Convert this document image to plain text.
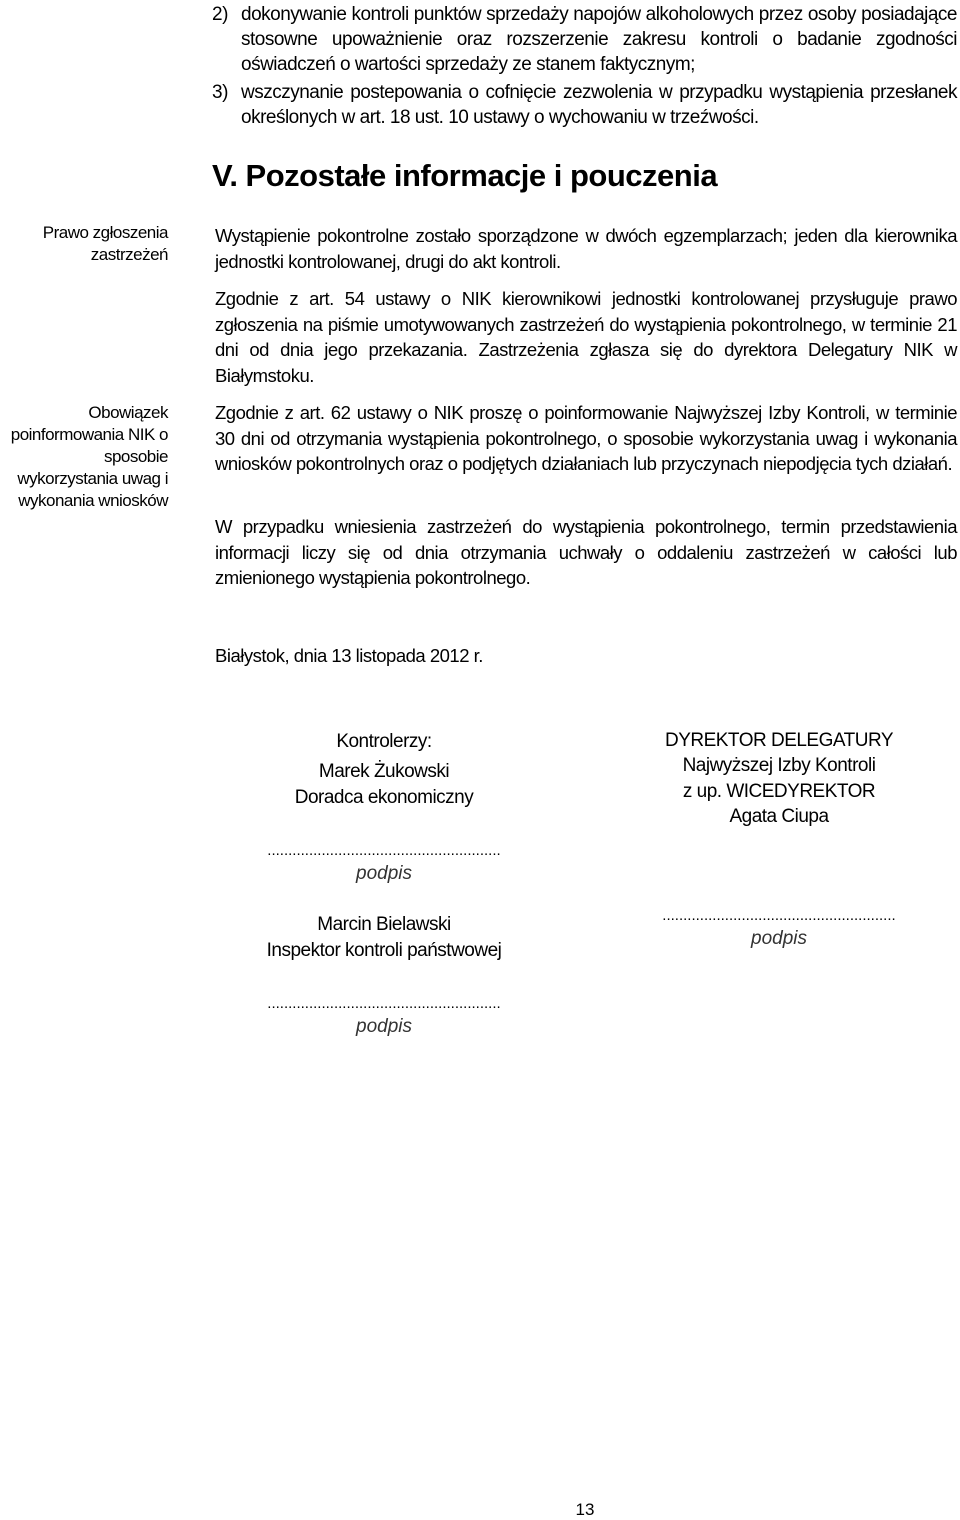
2) dokonywanie kontroli punktów sprzedaży napojów alkoholowych przez osoby posiadające stosowne upoważnienie oraz rozszerzenie zakresu kontroli o badanie zgodności oświadczeń o wartości sprzedaży ze stanem faktycznym;
3) wszczynanie postepowania o cofnięcie zezwolenia w przypadku wystąpienia przesłanek określonych w art. 18 ust. 10 ustawy o wychowaniu w trzeźwości.
V. Pozostałe informacje i pouczenia
Prawo zgłoszenia zastrzeżeń
Obowiązek poinformowania NIK o sposobie wykorzystania uwag i wykonania wniosków
Wystąpienie pokontrolne zostało sporządzone w dwóch egzemplarzach; jeden dla kierownika jednostki kontrolowanej, drugi do akt kontroli.
Zgodnie z art. 54 ustawy o NIK kierownikowi jednostki kontrolowanej przysługuje prawo zgłoszenia na piśmie umotywowanych zastrzeżeń do wystąpienia pokontrolnego, w terminie 21 dni od dnia jego przekazania. Zastrzeżenia zgłasza się do dyrektora Delegatury NIK w Białymstoku.
Zgodnie z art. 62 ustawy o NIK proszę o poinformowanie Najwyższej Izby Kontroli, w terminie 30 dni od otrzymania wystąpienia pokontrolnego, o sposobie wykorzystania uwag i wykonania wniosków pokontrolnych oraz o podjętych działaniach lub przyczynach niepodjęcia tych działań.
W przypadku wniesienia zastrzeżeń do wystąpienia pokontrolnego, termin przedstawienia informacji liczy się od dnia otrzymania uchwały o oddaleniu zastrzeżeń w całości lub zmienionego wystąpienia pokontrolnego.
Białystok, dnia 13 listopada 2012 r.
Kontrolerzy:
Marek Żukowski
Doradca ekonomiczny
........................................................
podpis
Marcin Bielawski
Inspektor kontroli państwowej
........................................................
podpis
DYREKTOR DELEGATURY
Najwyższej Izby Kontroli
z up. WICEDYREKTOR
Agata Ciupa
........................................................
podpis
13
